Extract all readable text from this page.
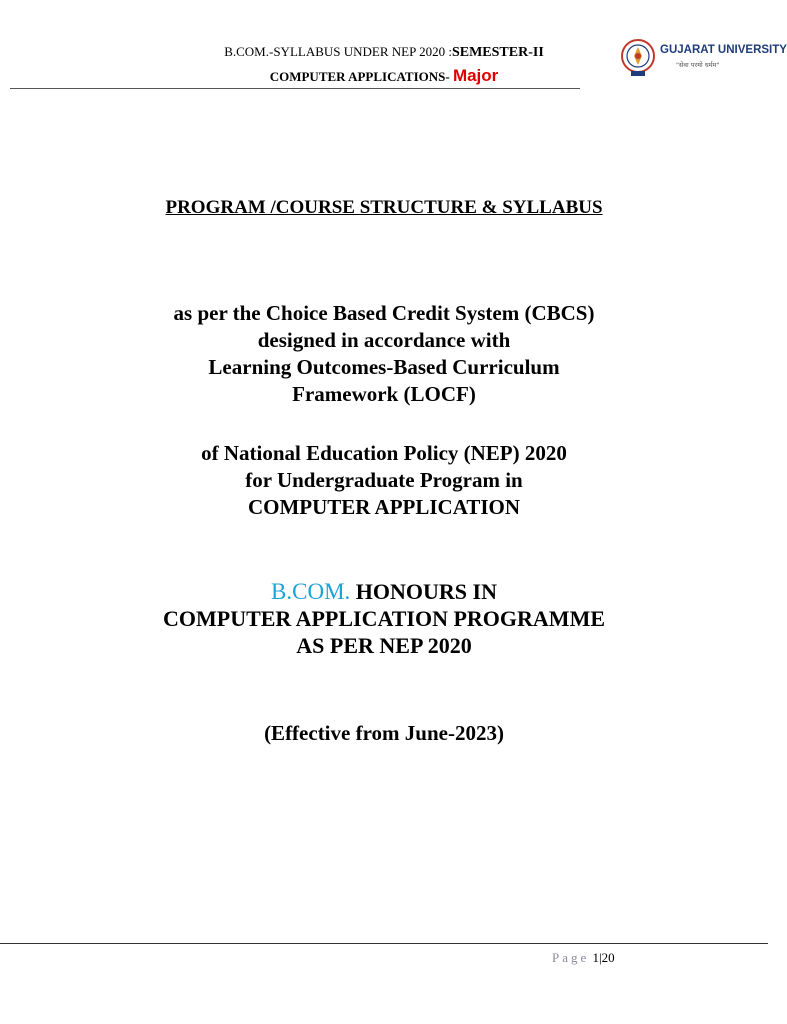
B.COM.-SYLLABUS UNDER NEP 2020 :SEMESTER-II
COMPUTER APPLICATIONS- Major
GUJARAT UNIVERSITY
"सेवा परमो धर्मम"
PROGRAM /COURSE STRUCTURE & SYLLABUS
as per the Choice Based Credit System (CBCS)
designed in accordance with
Learning Outcomes-Based Curriculum
Framework (LOCF)
of National Education Policy (NEP) 2020
for Undergraduate Program in
COMPUTER APPLICATION
B.COM. HONOURS IN
COMPUTER APPLICATION PROGRAMME
AS PER NEP 2020
(Effective from June-2023)
Page 1|20
